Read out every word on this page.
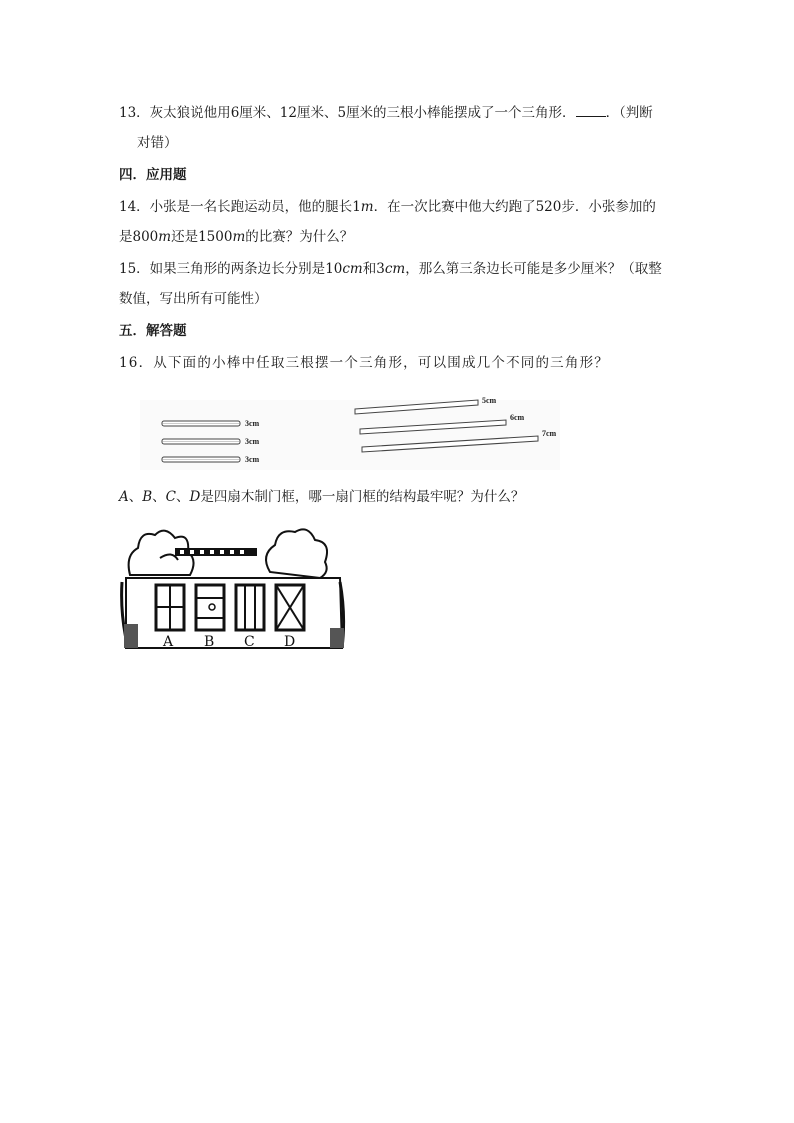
13．灰太狼说他用6厘米、12厘米、5厘米的三根小棒能摆成了一个三角形． ．（判断
对错）
四．应用题
14．小张是一名长跑运动员，他的腿长1m．在一次比赛中他大约跑了520步．小张参加的
是800m还是1500m的比赛？为什么？
15．如果三角形的两条边长分别是10cm和3cm，那么第三条边长可能是多少厘米？（取整
数值，写出所有可能性）
五．解答题
16．从下面的小棒中任取三根摆一个三角形，可以围成几个不同的三角形？
3cm
3cm
3cm
5cm
6cm
7cm
A、B、C、D是四扇木制门框，哪一扇门框的结构最牢呢？为什么？
A B C D
